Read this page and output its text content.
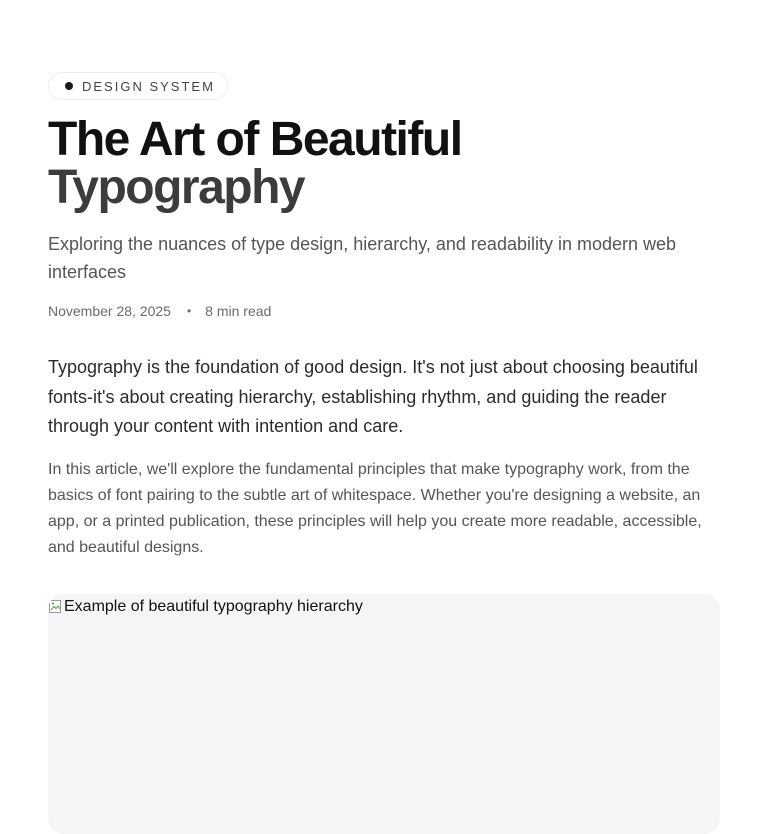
DESIGN SYSTEM
The Art of Beautiful
Typography

Exploring the nuances of type design, hierarchy, and readability in modern web interfaces

November 28, 2025 • 8 min read

Typography is the foundation of good design. It's not just about choosing beautiful fonts-it's about creating hierarchy, establishing rhythm, and guiding the reader through your content with intention and care.

In this article, we'll explore the fundamental principles that make typography work, from the basics of font pairing to the subtle art of whitespace. Whether you're designing a website, an app, or a printed publication, these principles will help you create more readable, accessible, and beautiful designs.

Example of beautiful typography hierarchy
